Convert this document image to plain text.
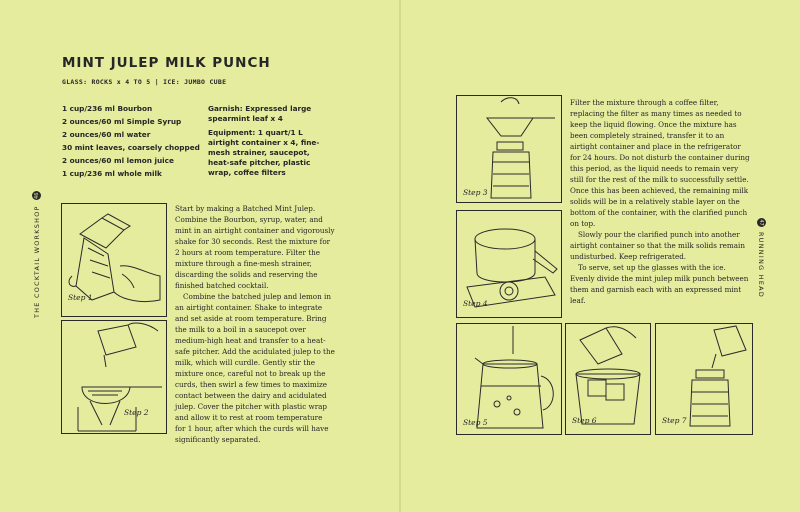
THE COCKTAIL WORKSHOP
46
47
RUNNING HEAD
MINT JULEP MILK PUNCH
GLASS: ROCKS x 4 TO 5 | ICE: JUMBO CUBE
1 cup/236 ml Bourbon
2 ounces/60 ml Simple Syrup
2 ounces/60 ml water
30 mint leaves, coarsely chopped
2 ounces/60 ml lemon juice
1 cup/236 ml whole milk

Garnish: Expressed large spearmint leaf x 4

Equipment: 1 quart/1 L airtight container x 4, fine-mesh strainer, saucepot, heat-safe pitcher, plastic wrap, coffee filters

Step 1
Step 2

Start by making a Batched Mint Julep. Combine the Bourbon, syrup, water, and mint in an airtight container and vigorously shake for 30 seconds. Rest the mixture for 2 hours at room temperature. Filter the mixture through a fine-mesh strainer, discarding the solids and reserving the finished batched cocktail.

Combine the batched julep and lemon in an airtight container. Shake to integrate and set aside at room temperature. Bring the milk to a boil in a saucepot over medium-high heat and transfer to a heat-safe pitcher. Add the acidulated julep to the milk, which will curdle. Gently stir the mixture once, careful not to break up the curds, then swirl a few times to maximize contact between the dairy and acidulated julep. Cover the pitcher with plastic wrap and allow it to rest at room temperature for 1 hour, after which the curds will have significantly separated.

Step 3
Step 4

Filter the mixture through a coffee filter, replacing the filter as many times as needed to keep the liquid flowing. Once the mixture has been completely strained, transfer it to an airtight container and place in the refrigerator for 24 hours. Do not disturb the container during this period, as the liquid needs to remain very still for the rest of the milk to successfully settle. Once this has been achieved, the remaining milk solids will be in a relatively stable layer on the bottom of the container, with the clarified punch on top.

Slowly pour the clarified punch into another airtight container so that the milk solids remain undisturbed. Keep refrigerated.

To serve, set up the glasses with the ice. Evenly divide the mint julep milk punch between them and garnish each with an expressed mint leaf.

Step 5	Step 6	Step 7
